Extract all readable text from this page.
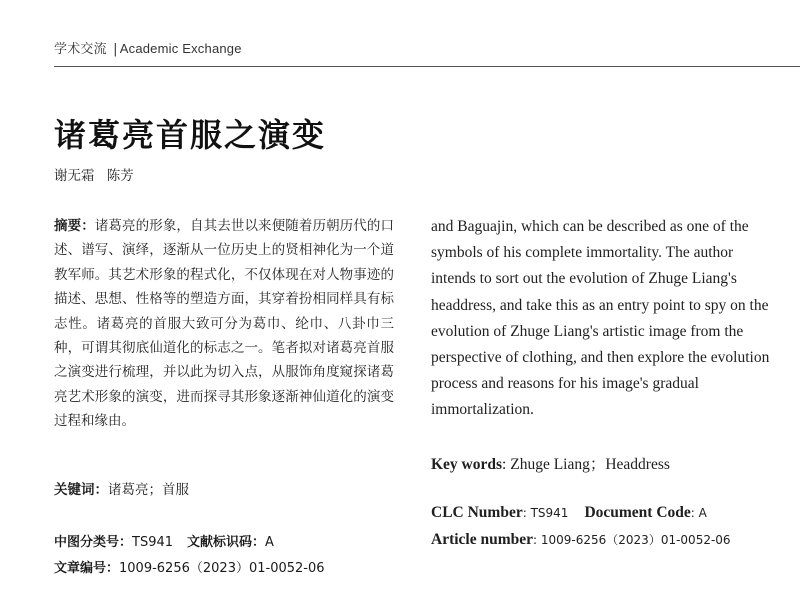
学术交流 | Academic Exchange
诸葛亮首服之演变
谢无霜 陈芳

摘要：诸葛亮的形象，自其去世以来便随着历朝历代的口述、谱写、演绎，逐渐从一位历史上的贤相神化为一个道教军师。其艺术形象的程式化，不仅体现在对人物事迹的描述、思想、性格等的塑造方面，其穿着扮相同样具有标志性。诸葛亮的首服大致可分为葛巾、纶巾、八卦巾三种，可谓其彻底仙道化的标志之一。笔者拟对诸葛亮首服之演变进行梳理，并以此为切入点，从服饰角度窥探诸葛亮艺术形象的演变，进而探寻其形象逐渐神仙道化的演变过程和缘由。

关键词：诸葛亮；首服
中图分类号：TS941 文献标识码：A
文章编号：1009-6256（2023）01-0052-06

and Baguajin, which can be described as one of the symbols of his complete immortality. The author intends to sort out the evolution of Zhuge Liang's headdress, and take this as an entry point to spy on the evolution of Zhuge Liang's artistic image from the perspective of clothing, and then explore the evolution process and reasons for his image's gradual immortalization.

Key words: Zhuge Liang；Headdress
CLC Number: TS941 Document Code: A
Article number: 1009-6256（2023）01-0052-06
